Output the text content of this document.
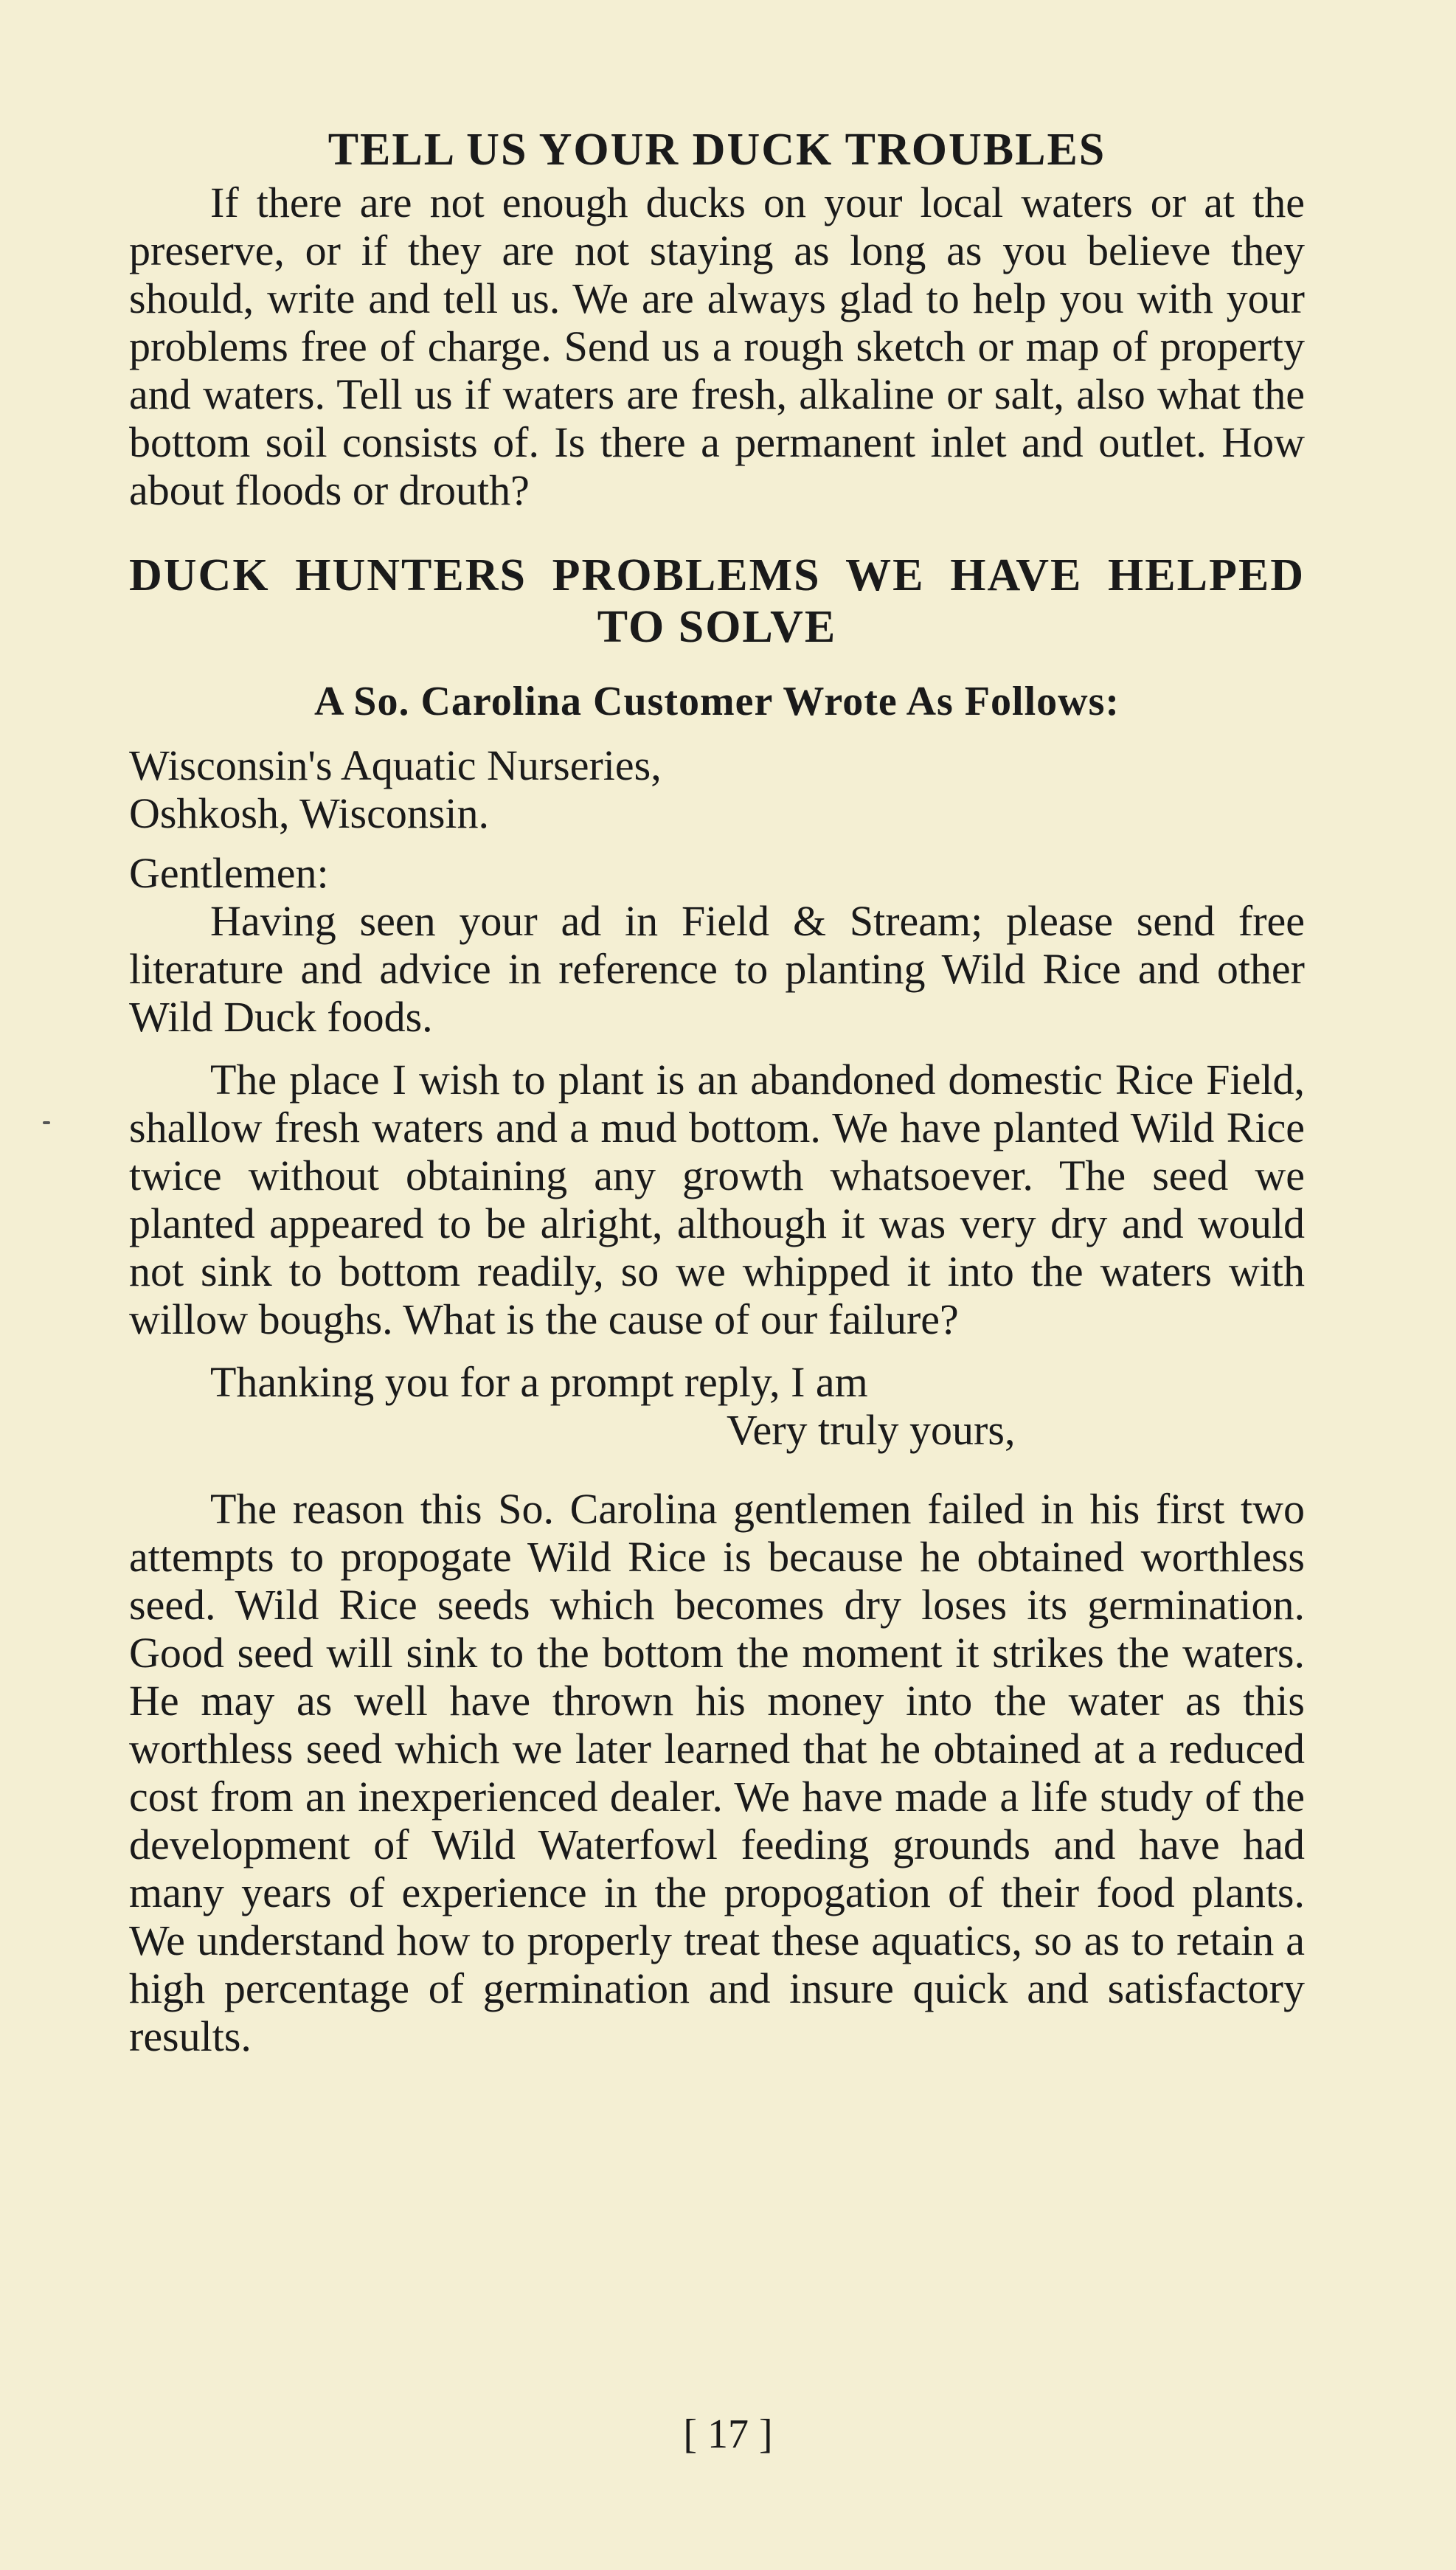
TELL US YOUR DUCK TROUBLES

If there are not enough ducks on your local waters or at the preserve, or if they are not staying as long as you believe they should, write and tell us. We are always glad to help you with your problems free of charge. Send us a rough sketch or map of property and waters. Tell us if waters are fresh, alkaline or salt, also what the bottom soil consists of. Is there a permanent inlet and outlet. How about floods or drouth?

DUCK HUNTERS PROBLEMS WE HAVE HELPED TO SOLVE
A So. Carolina Customer Wrote As Follows:

Wisconsin's Aquatic Nurseries,

Oshkosh, Wisconsin.

Gentlemen:

Having seen your ad in Field & Stream; please send free literature and advice in reference to planting Wild Rice and other Wild Duck foods.

The place I wish to plant is an abandoned domestic Rice Field, shallow fresh waters and a mud bottom. We have planted Wild Rice twice without obtaining any growth whatsoever. The seed we planted appeared to be alright, although it was very dry and would not sink to bottom readily, so we whipped it into the waters with willow boughs. What is the cause of our failure?

Thanking you for a prompt reply, I am

Very truly yours,

The reason this So. Carolina gentlemen failed in his first two attempts to propogate Wild Rice is because he obtained worthless seed. Wild Rice seeds which becomes dry loses its germination. Good seed will sink to the bottom the moment it strikes the waters. He may as well have thrown his money into the water as this worthless seed which we later learned that he obtained at a reduced cost from an inexperienced dealer. We have made a life study of the development of Wild Waterfowl feeding grounds and have had many years of experience in the propogation of their food plants. We understand how to properly treat these aquatics, so as to retain a high percentage of germination and insure quick and satisfactory results.

[ 17 ]
